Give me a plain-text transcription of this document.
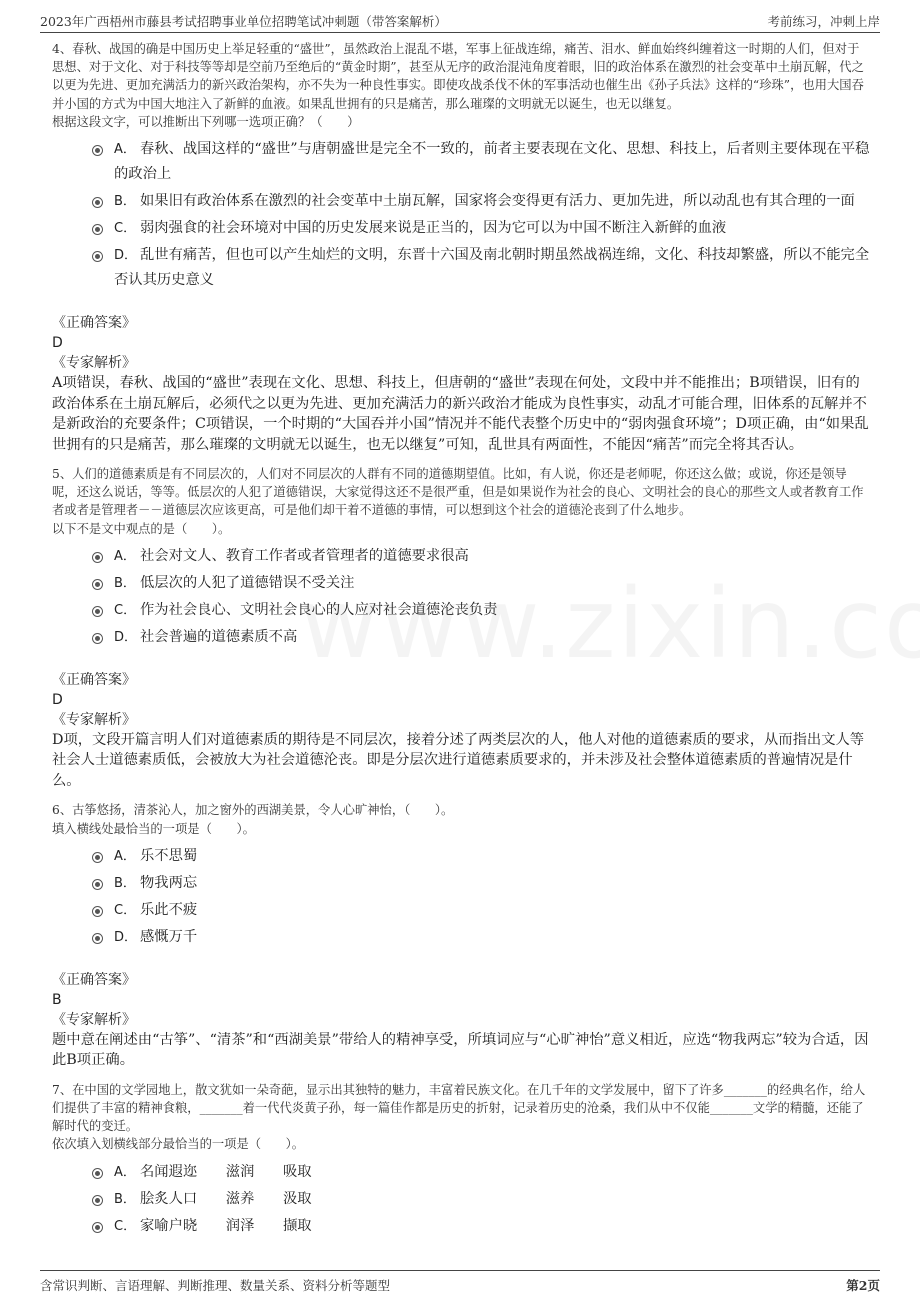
2023年广西梧州市藤县考试招聘事业单位招聘笔试冲刺题（带答案解析）	考前练习，冲刺上岸

4、春秋、战国的确是中国历史上举足轻重的“盛世”，虽然政治上混乱不堪，军事上征战连绵，痛苦、泪水、鲜血始终纠缠着这一时期的人们，但对于思想、对于文化、对于科技等等却是空前乃至绝后的“黄金时期”，甚至从无序的政治混沌角度着眼，旧的政治体系在激烈的社会变革中土崩瓦解，代之以更为先进、更加充满活力的新兴政治架构，亦不失为一种良性事实。即使攻战杀伐不休的军事活动也催生出《孙子兵法》这样的“珍珠”，也用大国吞并小国的方式为中国大地注入了新鲜的血液。如果乱世拥有的只是痛苦，那么璀璨的文明就无以诞生，也无以继复。

根据这段文字，可以推断出下列哪一选项正确？（　　）

A． 春秋、战国这样的“盛世”与唐朝盛世是完全不一致的，前者主要表现在文化、思想、科技上，后者则主要体现在平稳的政治上
B． 如果旧有政治体系在激烈的社会变革中土崩瓦解，国家将会变得更有活力、更加先进，所以动乱也有其合理的一面
C． 弱肉强食的社会环境对中国的历史发展来说是正当的，因为它可以为中国不断注入新鲜的血液
D． 乱世有痛苦，但也可以产生灿烂的文明，东晋十六国及南北朝时期虽然战祸连绵，文化、科技却繁盛，所以不能完全否认其历史意义

《正确答案》

D

《专家解析》

A项错误，春秋、战国的“盛世”表现在文化、思想、科技上，但唐朝的“盛世”表现在何处，文段中并不能推出；B项错误，旧有的政治体系在土崩瓦解后，必须代之以更为先进、更加充满活力的新兴政治才能成为良性事实，动乱才可能合理，旧体系的瓦解并不是新政治的充要条件；C项错误，一个时期的“大国吞并小国”情况并不能代表整个历史中的“弱肉强食环境”；D项正确，由“如果乱世拥有的只是痛苦，那么璀璨的文明就无以诞生，也无以继复”可知，乱世具有两面性，不能因“痛苦”而完全将其否认。

5、人们的道德素质是有不同层次的，人们对不同层次的人群有不同的道德期望值。比如，有人说，你还是老师呢，你还这么做；或说，你还是领导呢，还这么说话，等等。低层次的人犯了道德错误，大家觉得这还不是很严重，但是如果说作为社会的良心、文明社会的良心的那些文人或者教育工作者或者是管理者－－道德层次应该更高，可是他们却干着不道德的事情，可以想到这个社会的道德沦丧到了什么地步。

以下不是文中观点的是（　　）。

A． 社会对文人、教育工作者或者管理者的道德要求很高
B． 低层次的人犯了道德错误不受关注
C． 作为社会良心、文明社会良心的人应对社会道德沦丧负责
D． 社会普遍的道德素质不高

《正确答案》

D

《专家解析》

D项，文段开篇言明人们对道德素质的期待是不同层次，接着分述了两类层次的人，他人对他的道德素质的要求，从而指出文人等社会人士道德素质低，会被放大为社会道德沦丧。即是分层次进行道德素质要求的，并未涉及社会整体道德素质的普遍情况是什么。

6、古筝悠扬，清茶沁人，加之窗外的西湖美景，令人心旷神怡，（　　）。

填入横线处最恰当的一项是（　　）。

A． 乐不思蜀
B． 物我两忘
C． 乐此不疲
D． 感慨万千

《正确答案》

B

《专家解析》

题中意在阐述由“古筝”、“清茶”和“西湖美景”带给人的精神享受，所填词应与“心旷神怡”意义相近，应选“物我两忘”较为合适，因此B项正确。

7、在中国的文学园地上，散文犹如一朵奇葩，显示出其独特的魅力，丰富着民族文化。在几千年的文学发展中，留下了许多_______的经典名作，给人们提供了丰富的精神食粮，_______着一代代炎黄子孙，每一篇佳作都是历史的折射，记录着历史的沧桑，我们从中不仅能_______文学的精髓，还能了解时代的变迁。

依次填入划横线部分最恰当的一项是（　　）。

A． 名闻遐迩　　滋润　　吸取
B． 脍炙人口　　滋养　　汲取
C． 家喻户晓　　润泽　　撷取
含常识判断、言语理解、判断推理、数量关系、资料分析等题型	第2页
